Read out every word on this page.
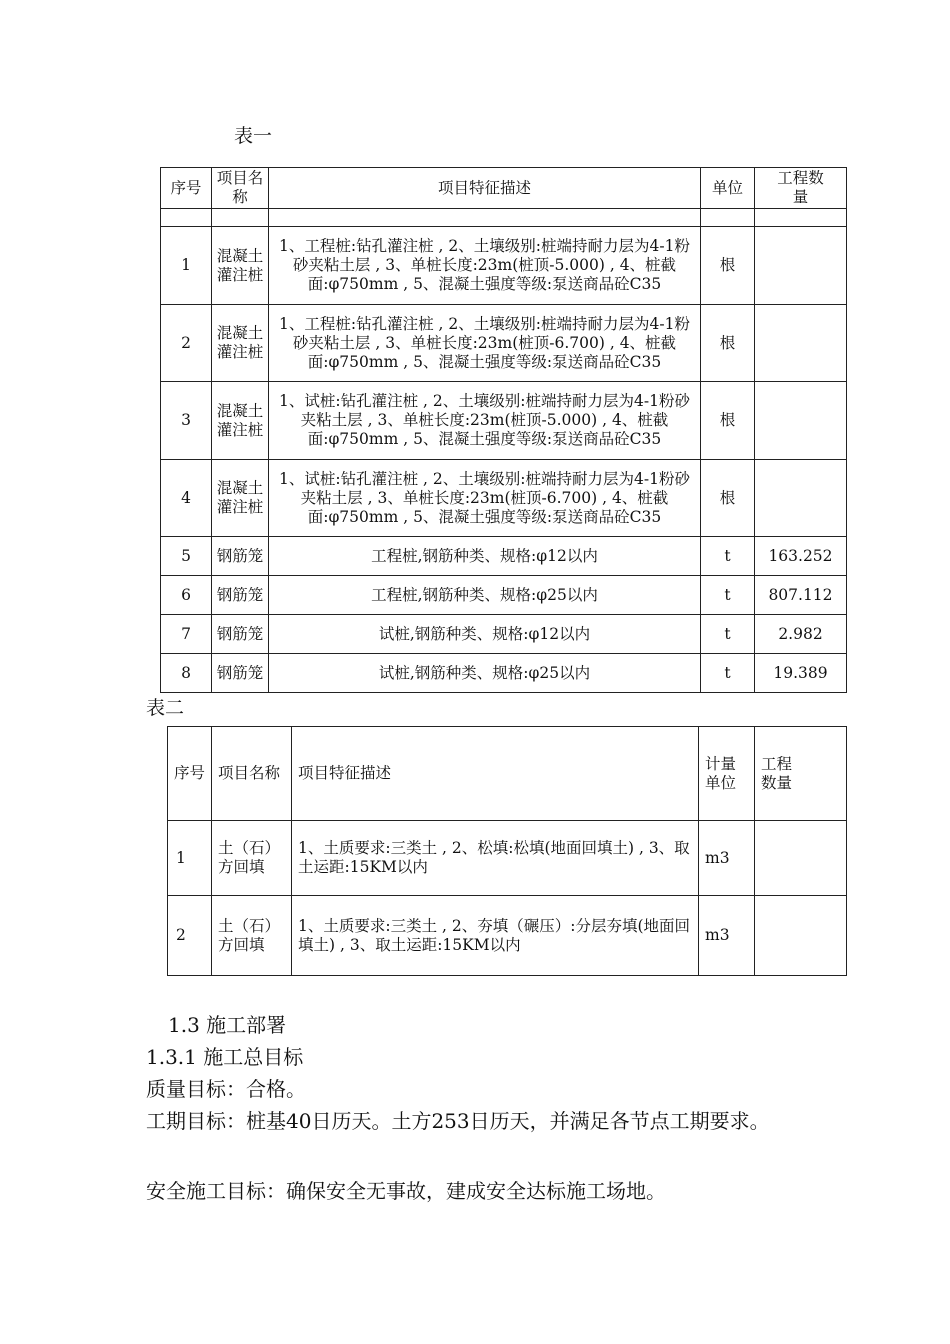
表一
序号	项目名称	项目特征描述	单位	工程数量

1	混凝土灌注桩	1、工程桩:钻孔灌注桩 , 2、土壤级别:桩端持耐力层为4-1粉砂夹粘土层 , 3、单桩长度:23m(桩顶-5.000) , 4、桩截面:φ750mm , 5、混凝土强度等级:泵送商品砼C35	根	
2	混凝土灌注桩	1、工程桩:钻孔灌注桩 , 2、土壤级别:桩端持耐力层为4-1粉砂夹粘土层 , 3、单桩长度:23m(桩顶-6.700) , 4、桩截面:φ750mm , 5、混凝土强度等级:泵送商品砼C35	根	
3	混凝土灌注桩	1、试桩:钻孔灌注桩 , 2、土壤级别:桩端持耐力层为4-1粉砂夹粘土层 , 3、单桩长度:23m(桩顶-5.000) , 4、桩截面:φ750mm , 5、混凝土强度等级:泵送商品砼C35	根	
4	混凝土灌注桩	1、试桩:钻孔灌注桩 , 2、土壤级别:桩端持耐力层为4-1粉砂夹粘土层 , 3、单桩长度:23m(桩顶-6.700) , 4、桩截面:φ750mm , 5、混凝土强度等级:泵送商品砼C35	根	
5	钢筋笼	工程桩,钢筋种类、规格:φ12以内	t	163.252
6	钢筋笼	工程桩,钢筋种类、规格:φ25以内	t	807.112
7	钢筋笼	试桩,钢筋种类、规格:φ12以内	t	2.982
8	钢筋笼	试桩,钢筋种类、规格:φ25以内	t	19.389
表二
序号	项目名称	项目特征描述	计量单位	工程数量
1	土（石）方回填	1、土质要求:三类土 , 2、松填:松填(地面回填土) , 3、取土运距:15KM以内	m3	
2	土（石）方回填	1、土质要求:三类土 , 2、夯填（碾压）:分层夯填(地面回填土) , 3、取土运距:15KM以内	m3	
1.3 施工部署
1.3.1 施工总目标
质量目标：合格。
工期目标：桩基40日历天。土方253日历天，并满足各节点工期要求。
安全施工目标：确保安全无事故，建成安全达标施工场地。
